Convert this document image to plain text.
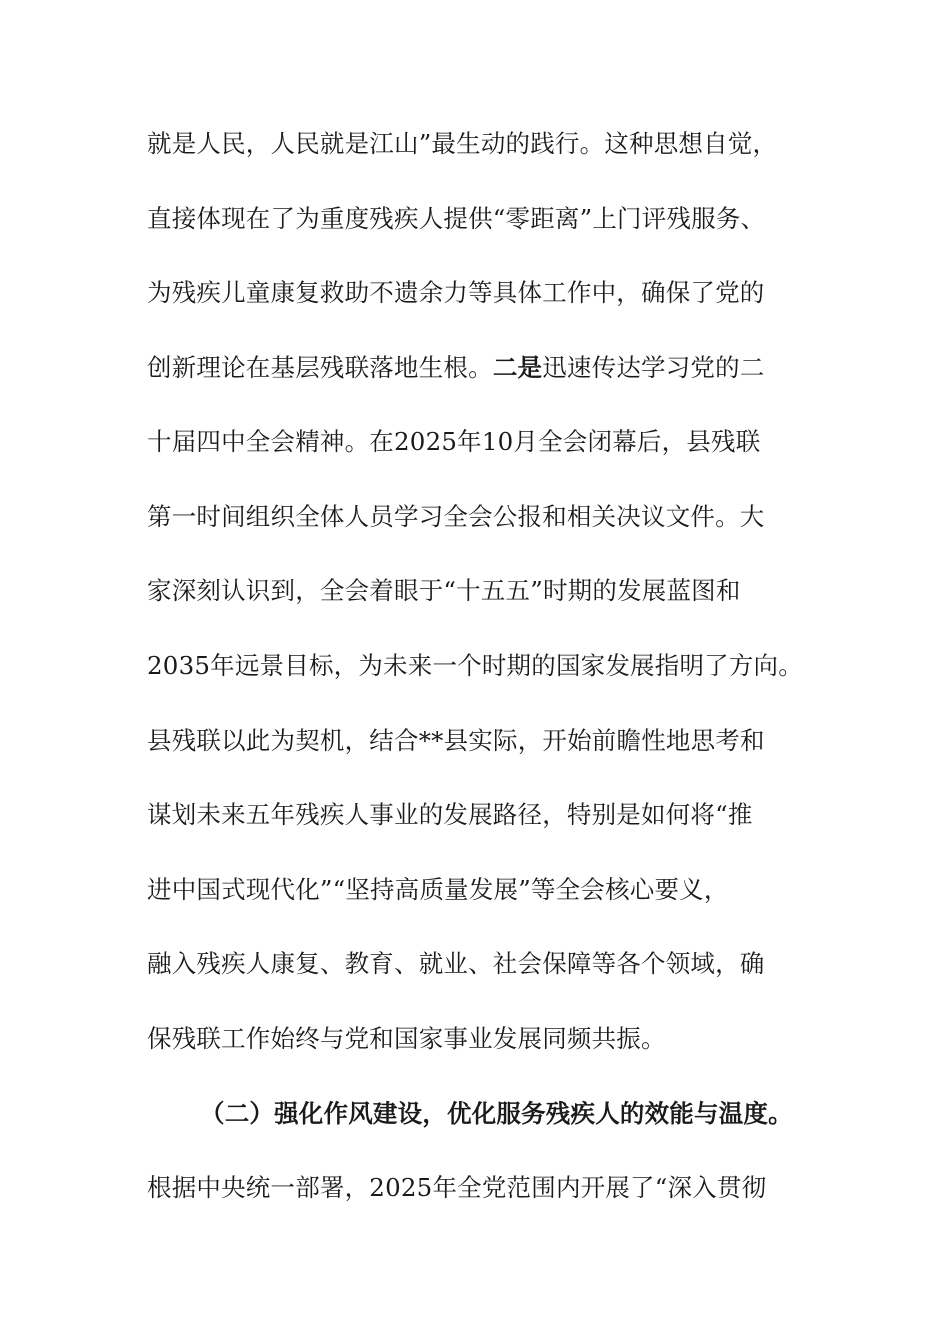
就是人民，人民就是江山”最生动的践行。这种思想自觉，
直接体现在了为重度残疾人提供“零距离”上门评残服务、
为残疾儿童康复救助不遗余力等具体工作中，确保了党的
创新理论在基层残联落地生根。二是迅速传达学习党的二
十届四中全会精神。在2025年10月全会闭幕后，县残联
第一时间组织全体人员学习全会公报和相关决议文件。大
家深刻认识到，全会着眼于“十五五”时期的发展蓝图和
2035年远景目标，为未来一个时期的国家发展指明了方向。
县残联以此为契机，结合**县实际，开始前瞻性地思考和
谋划未来五年残疾人事业的发展路径，特别是如何将“推
进中国式现代化”“坚持高质量发展”等全会核心要义，
融入残疾人康复、教育、就业、社会保障等各个领域，确
保残联工作始终与党和国家事业发展同频共振。
（二）强化作风建设，优化服务残疾人的效能与温度。
根据中央统一部署，2025年全党范围内开展了“深入贯彻
